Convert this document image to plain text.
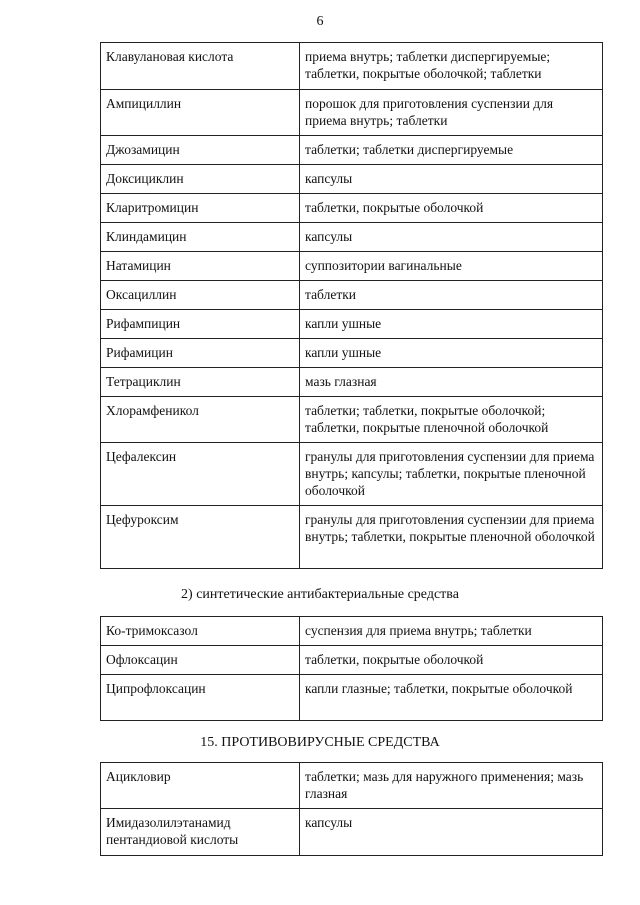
6
Клавулановая кислота	приема внутрь; таблетки диспергируемые; таблетки, покрытые оболочкой; таблетки
Ампициллин	порошок для приготовления суспензии для приема внутрь; таблетки
Джозамицин	таблетки; таблетки диспергируемые
Доксициклин	капсулы
Кларитромицин	таблетки, покрытые оболочкой
Клиндамицин	капсулы
Натамицин	суппозитории вагинальные
Оксациллин	таблетки
Рифампицин	капли ушные
Рифамицин	капли ушные
Тетрациклин	мазь глазная
Хлорамфеникол	таблетки; таблетки, покрытые оболочкой; таблетки, покрытые пленочной оболочкой
Цефалексин	гранулы для приготовления суспензии для приема внутрь; капсулы; таблетки, покрытые пленочной оболочкой
Цефуроксим	гранулы для приготовления суспензии для приема внутрь; таблетки, покрытые пленочной оболочкой
2) синтетические антибактериальные средства
Ко-тримоксазол	суспензия для приема внутрь; таблетки
Офлоксацин	таблетки, покрытые оболочкой
Ципрофлоксацин	капли глазные; таблетки, покрытые оболочкой
15. ПРОТИВОВИРУСНЫЕ СРЕДСТВА
Ацикловир	таблетки; мазь для наружного применения; мазь глазная
Имидазолилэтанамид пентандиовой кислоты	капсулы
